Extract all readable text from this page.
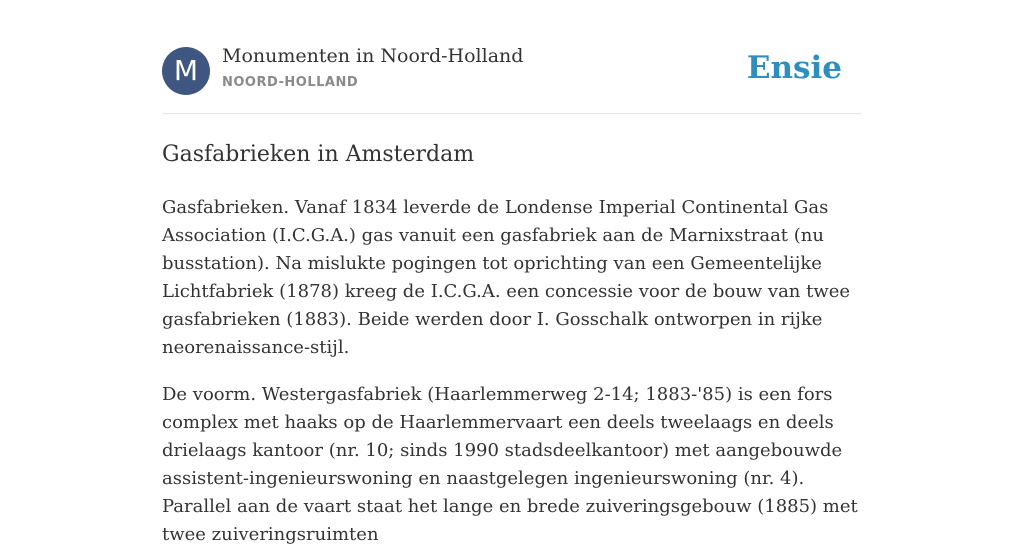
M	Monumenten in Noord-Holland
NOORD-HOLLAND	Ensie
Gasfabrieken in Amsterdam

Gasfabrieken. Vanaf 1834 leverde de Londense Imperial Continental Gas Association (I.C.G.A.) gas vanuit een gasfabriek aan de Marnixstraat (nu busstation). Na mislukte pogingen tot oprichting van een Gemeentelijke Lichtfabriek (1878) kreeg de I.C.G.A. een concessie voor de bouw van twee gasfabrieken (1883). Beide werden door I. Gosschalk ontworpen in rijke neorenaissance-stijl.

De voorm. Westergasfabriek (Haarlemmerweg 2-14; 1883-'85) is een fors complex met haaks op de Haarlemmervaart een deels tweelaags en deels drielaags kantoor (nr. 10; sinds 1990 stadsdeelkantoor) met aangebouwde assistent-ingenieurswoning en naastgelegen ingenieurswoning (nr. 4). Parallel aan de vaart staat het lange en brede zuiveringsgebouw (1885) met twee zuiveringsruimten
